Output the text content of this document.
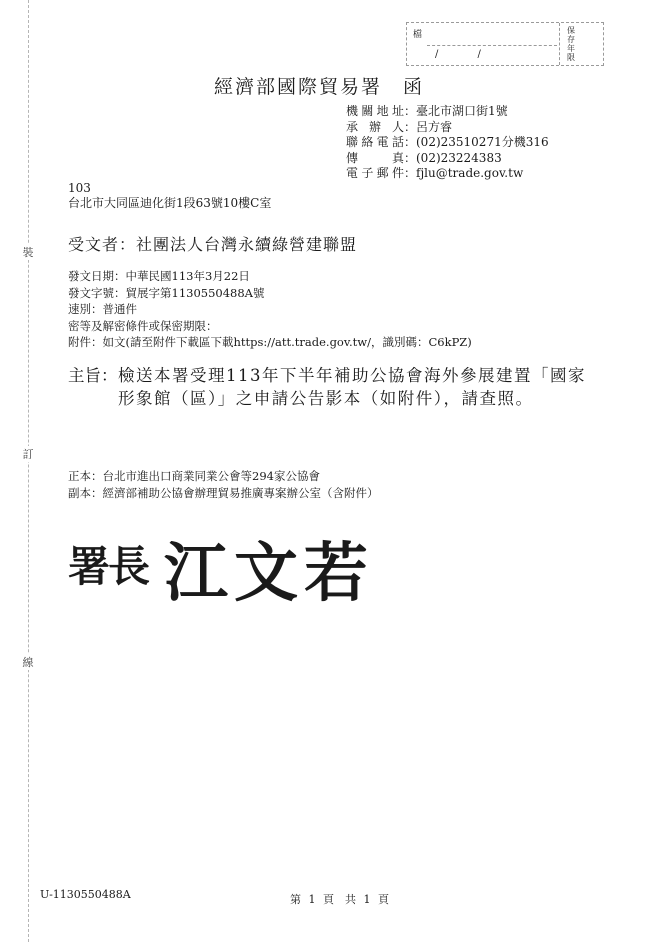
裝
訂
線
檔
/ /
保存年限
經濟部國際貿易署　函
機關地址 ： 臺北市湖口街1號
承 辦 人 ： 呂方睿
聯絡電話 ： (02)23510271分機316
傳 真 ： (02)23224383
電子郵件 ： fjlu@trade.gov.tw
103
台北市大同區迪化街1段63號10樓C室
受文者：社團法人台灣永續綠營建聯盟
發文日期：中華民國113年3月22日
發文字號：貿展字第1130550488A號
速別：普通件
密等及解密條件或保密期限：
附件：如文(請至附件下載區下載https://att.trade.gov.tw/，識別碼：C6kPZ)
主旨： 檢送本署受理113年下半年補助公協會海外參展建置「國家形象館（區）」之申請公告影本（如附件），請查照。
正本：台北市進出口商業同業公會等294家公協會
副本：經濟部補助公協會辦理貿易推廣專案辦公室（含附件）
署長 江文若
U-1130550488A	第 1 頁　共 1 頁
